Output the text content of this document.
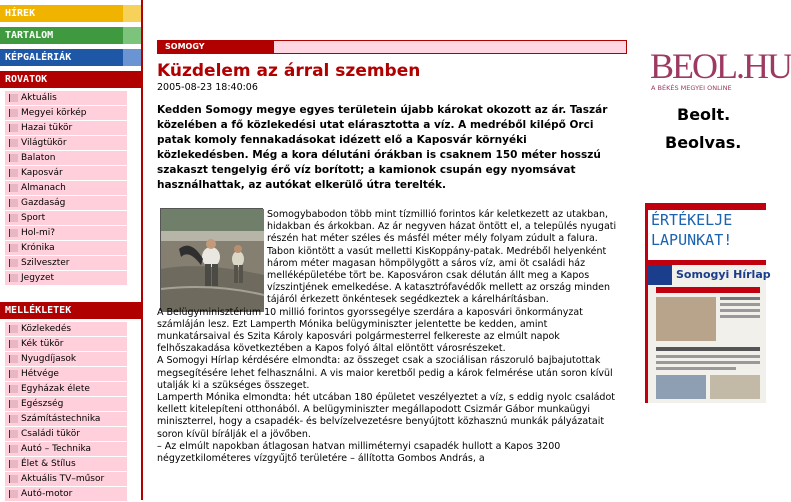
HÍREK
TARTALOM
KÉPGALÉRIÁK
ROVATOK
Aktuális
Megyei körkép
Hazai tükör
Világtükör
Balaton
Kaposvár
Almanach
Gazdaság
Sport
Hol-mi?
Krónika
Szilveszter
Jegyzet
MELLÉKLETEK
Közlekedés
Kék tükör
Nyugdíjasok
Hétvége
Egyházak élete
Egészség
Számítástechnika
Családi tükör
Autó – Technika
Élet & Stílus
Aktuális TV–műsor
Autó-motor
SOMOGY
Küzdelem az árral szemben
2005-08-23 18:40:06
Kedden Somogy megye egyes területein újabb károkat okozott az ár. Taszár közelében a fő közlekedési utat elárasztotta a víz. A medréből kilépő Orci patak komoly fennakadásokat idézett elő a Kaposvár környéki közlekedésben. Még a kora délutáni órákban is csaknem 150 méter hosszú szakaszt tengelyig érő víz borított; a kamionok csupán egy nyomsávat használhattak, az autókat elkerülő útra terelték.

Somogybabodon több mint tízmillió forintos kár keletkezett az utakban, hidakban és árkokban. Az ár negyven házat öntött el, a település nyugati részén hat méter széles és másfél méter mély folyam zúdult a falura. Tabon kiöntött a vasút melletti KisKoppány-patak. Medréből helyenként három méter magasan hömpölygött a sáros víz, ami öt családi ház melléképületébe tört be. Kaposváron csak délután állt meg a Kapos vízszintjének emelkedése. A katasztrófavédők mellett az ország minden tájáról érkezett önkéntesek segédkeztek a kárelhárításban.

A Belügyminisztérium 10 millió forintos gyorssegélye szerdára a kaposvári önkormányzat számláján lesz. Ezt Lamperth Mónika belügyminiszter jelentette be kedden, amint munkatársaival és Szita Károly kaposvári polgármesterrel felkereste az elmúlt napok felhőszakadása következtében a Kapos folyó által elöntött városrészeket.

A Somogyi Hírlap kérdésére elmondta: az összeget csak a szociálisan rászoruló bajbajutottak megsegítésére lehet felhasználni. A vis maior keretből pedig a károk felmérése után soron kívül utalják ki a szükséges összeget.

Lamperth Mónika elmondta: hét utcában 180 épületet veszélyeztet a víz, s eddig nyolc családot kellett kitelepíteni otthonából. A belügyminiszter megállapodott Csizmár Gábor munkaügyi miniszterrel, hogy a csapadék- és belvízelvezetésre benyújtott közhasznú munkák pályázatait soron kívül bírálják el a jövőben.

– Az elmúlt napokban átlagosan hatvan milliméternyi csapadék hullott a Kapos 3200 négyzetkilométeres vízgyűjtő területére – állította Gombos András, a

BEOL.HU
A BÉKÉS MEGYEI ONLINE
Beolt.
Beolvas.
ÉRTÉKELJE
LAPUNKAT!
Somogyi Hírlap
